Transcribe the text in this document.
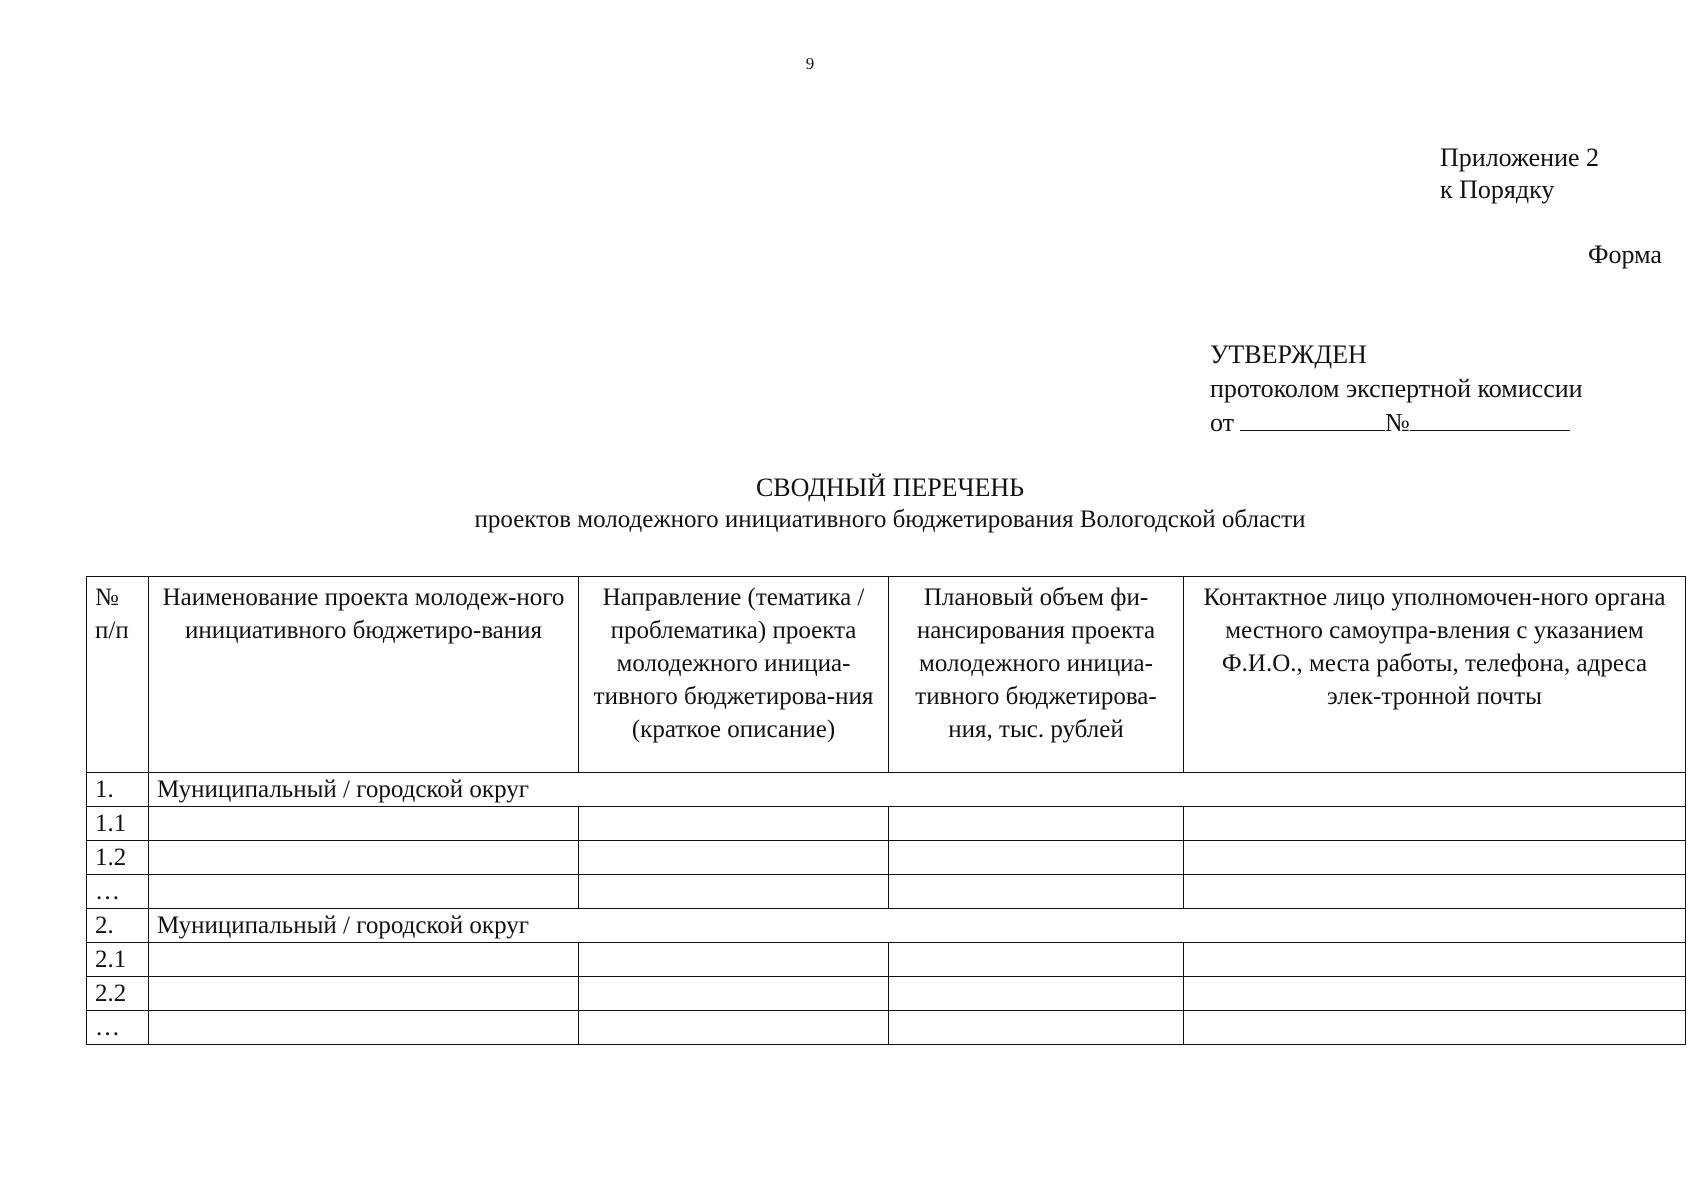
9
Приложение 2
к Порядку
Форма
УТВЕРЖДЕН
протоколом экспертной комиссии
от	№
СВОДНЫЙ ПЕРЕЧЕНЬ
проектов молодежного инициативного бюджетирования Вологодской области
№ п/п	Наименование проекта молодеж-ного инициативного бюджетиро-вания	Направление (тематика / проблематика) проекта молодежного инициа-тивного бюджетирова-ния (краткое описание)	Плановый объем фи-нансирования проекта молодежного инициа-тивного бюджетирова-ния, тыс. рублей	Контактное лицо уполномочен-ного органа местного самоупра-вления с указанием Ф.И.О., места работы, телефона, адреса элек-тронной почты
1.	Муниципальный / городской округ			
1.1				
1.2				
…				
2.	Муниципальный / городской округ			
2.1				
2.2				
…				
